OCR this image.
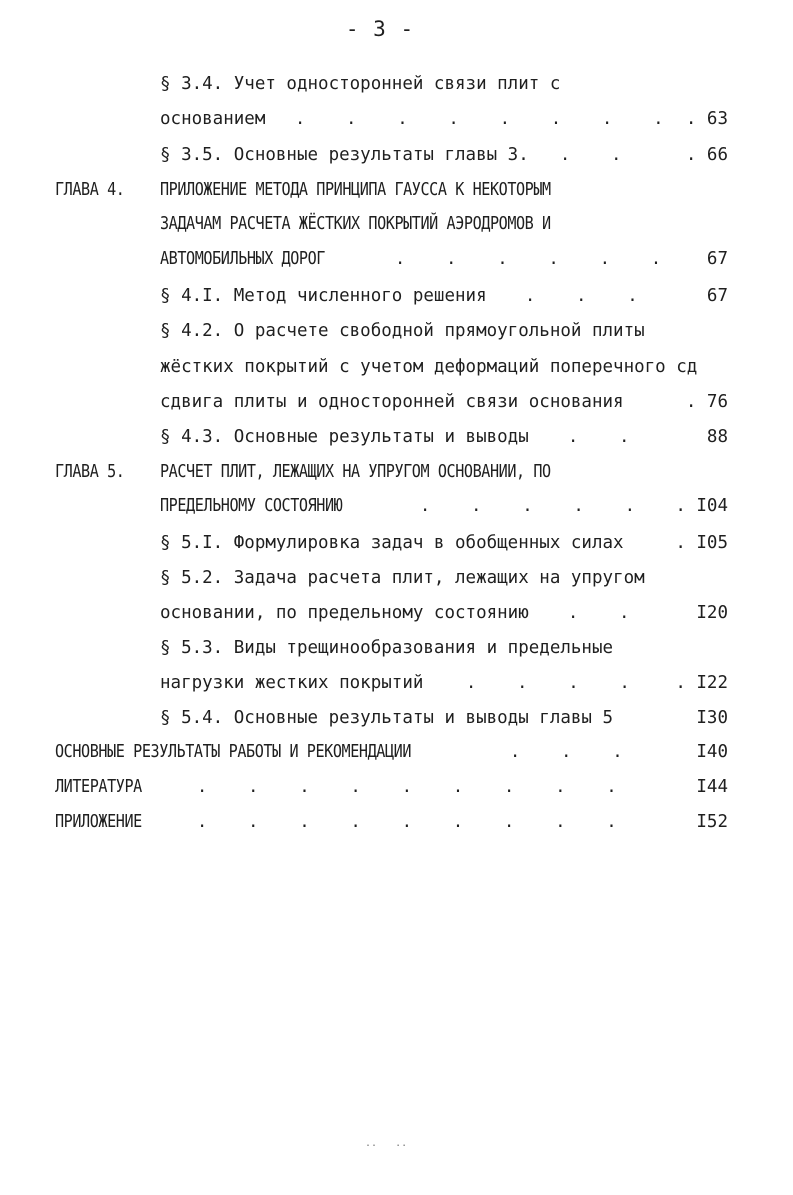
- 3 -
§ 3.4. Учет односторонней связи плит с
основанием .    .    .    .    .    .    .    .	. 63
§ 3.5. Основные результаты главы 3. .    .	. 66
ГЛАВА 4. ПРИЛОЖЕНИЕ МЕТОДА ПРИНЦИПА ГАУССА К НЕКОТОРЫМ
ЗАДАЧАМ РАСЧЕТА ЖЁСТКИХ ПОКРЫТИЙ АЭРОДРОМОВ И
АВТОМОБИЛЬНЫХ ДОРОГ	.    .    .    .    .    .	67
§ 4.I. Метод численного решения .    .    .	67
§ 4.2. О расчете свободной прямоугольной плиты
жёстких покрытий с учетом деформаций поперечного сд
сдвига плиты и односторонней связи основания	. 76
§ 4.3. Основные результаты и выводы .    .	88
ГЛАВА 5. РАСЧЕТ ПЛИТ, ЛЕЖАЩИХ НА УПРУГОМ ОСНОВАНИИ, ПО
ПРЕДЕЛЬНОМУ СОСТОЯНИЮ	.    .    .    .    .	. I04
§ 5.I. Формулировка задач в обобщенных силах	. I05
§ 5.2. Задача расчета плит, лежащих на упругом
основании, по предельному состоянию .    .	I20
§ 5.3. Виды трещинообразования и предельные
нагрузки жестких покрытий	.    .    .    .	. I22
§ 5.4. Основные результаты и выводы главы 5	I30
ОСНОВНЫЕ РЕЗУЛЬТАТЫ РАБОТЫ И РЕКОМЕНДАЦИИ	.    .    .	I40
ЛИТЕРАТУРА	.    .    .    .    .    .    .    .    .	I44
ПРИЛОЖЕНИЕ	.    .    .    .    .    .    .    .    .	I52
..   ..
